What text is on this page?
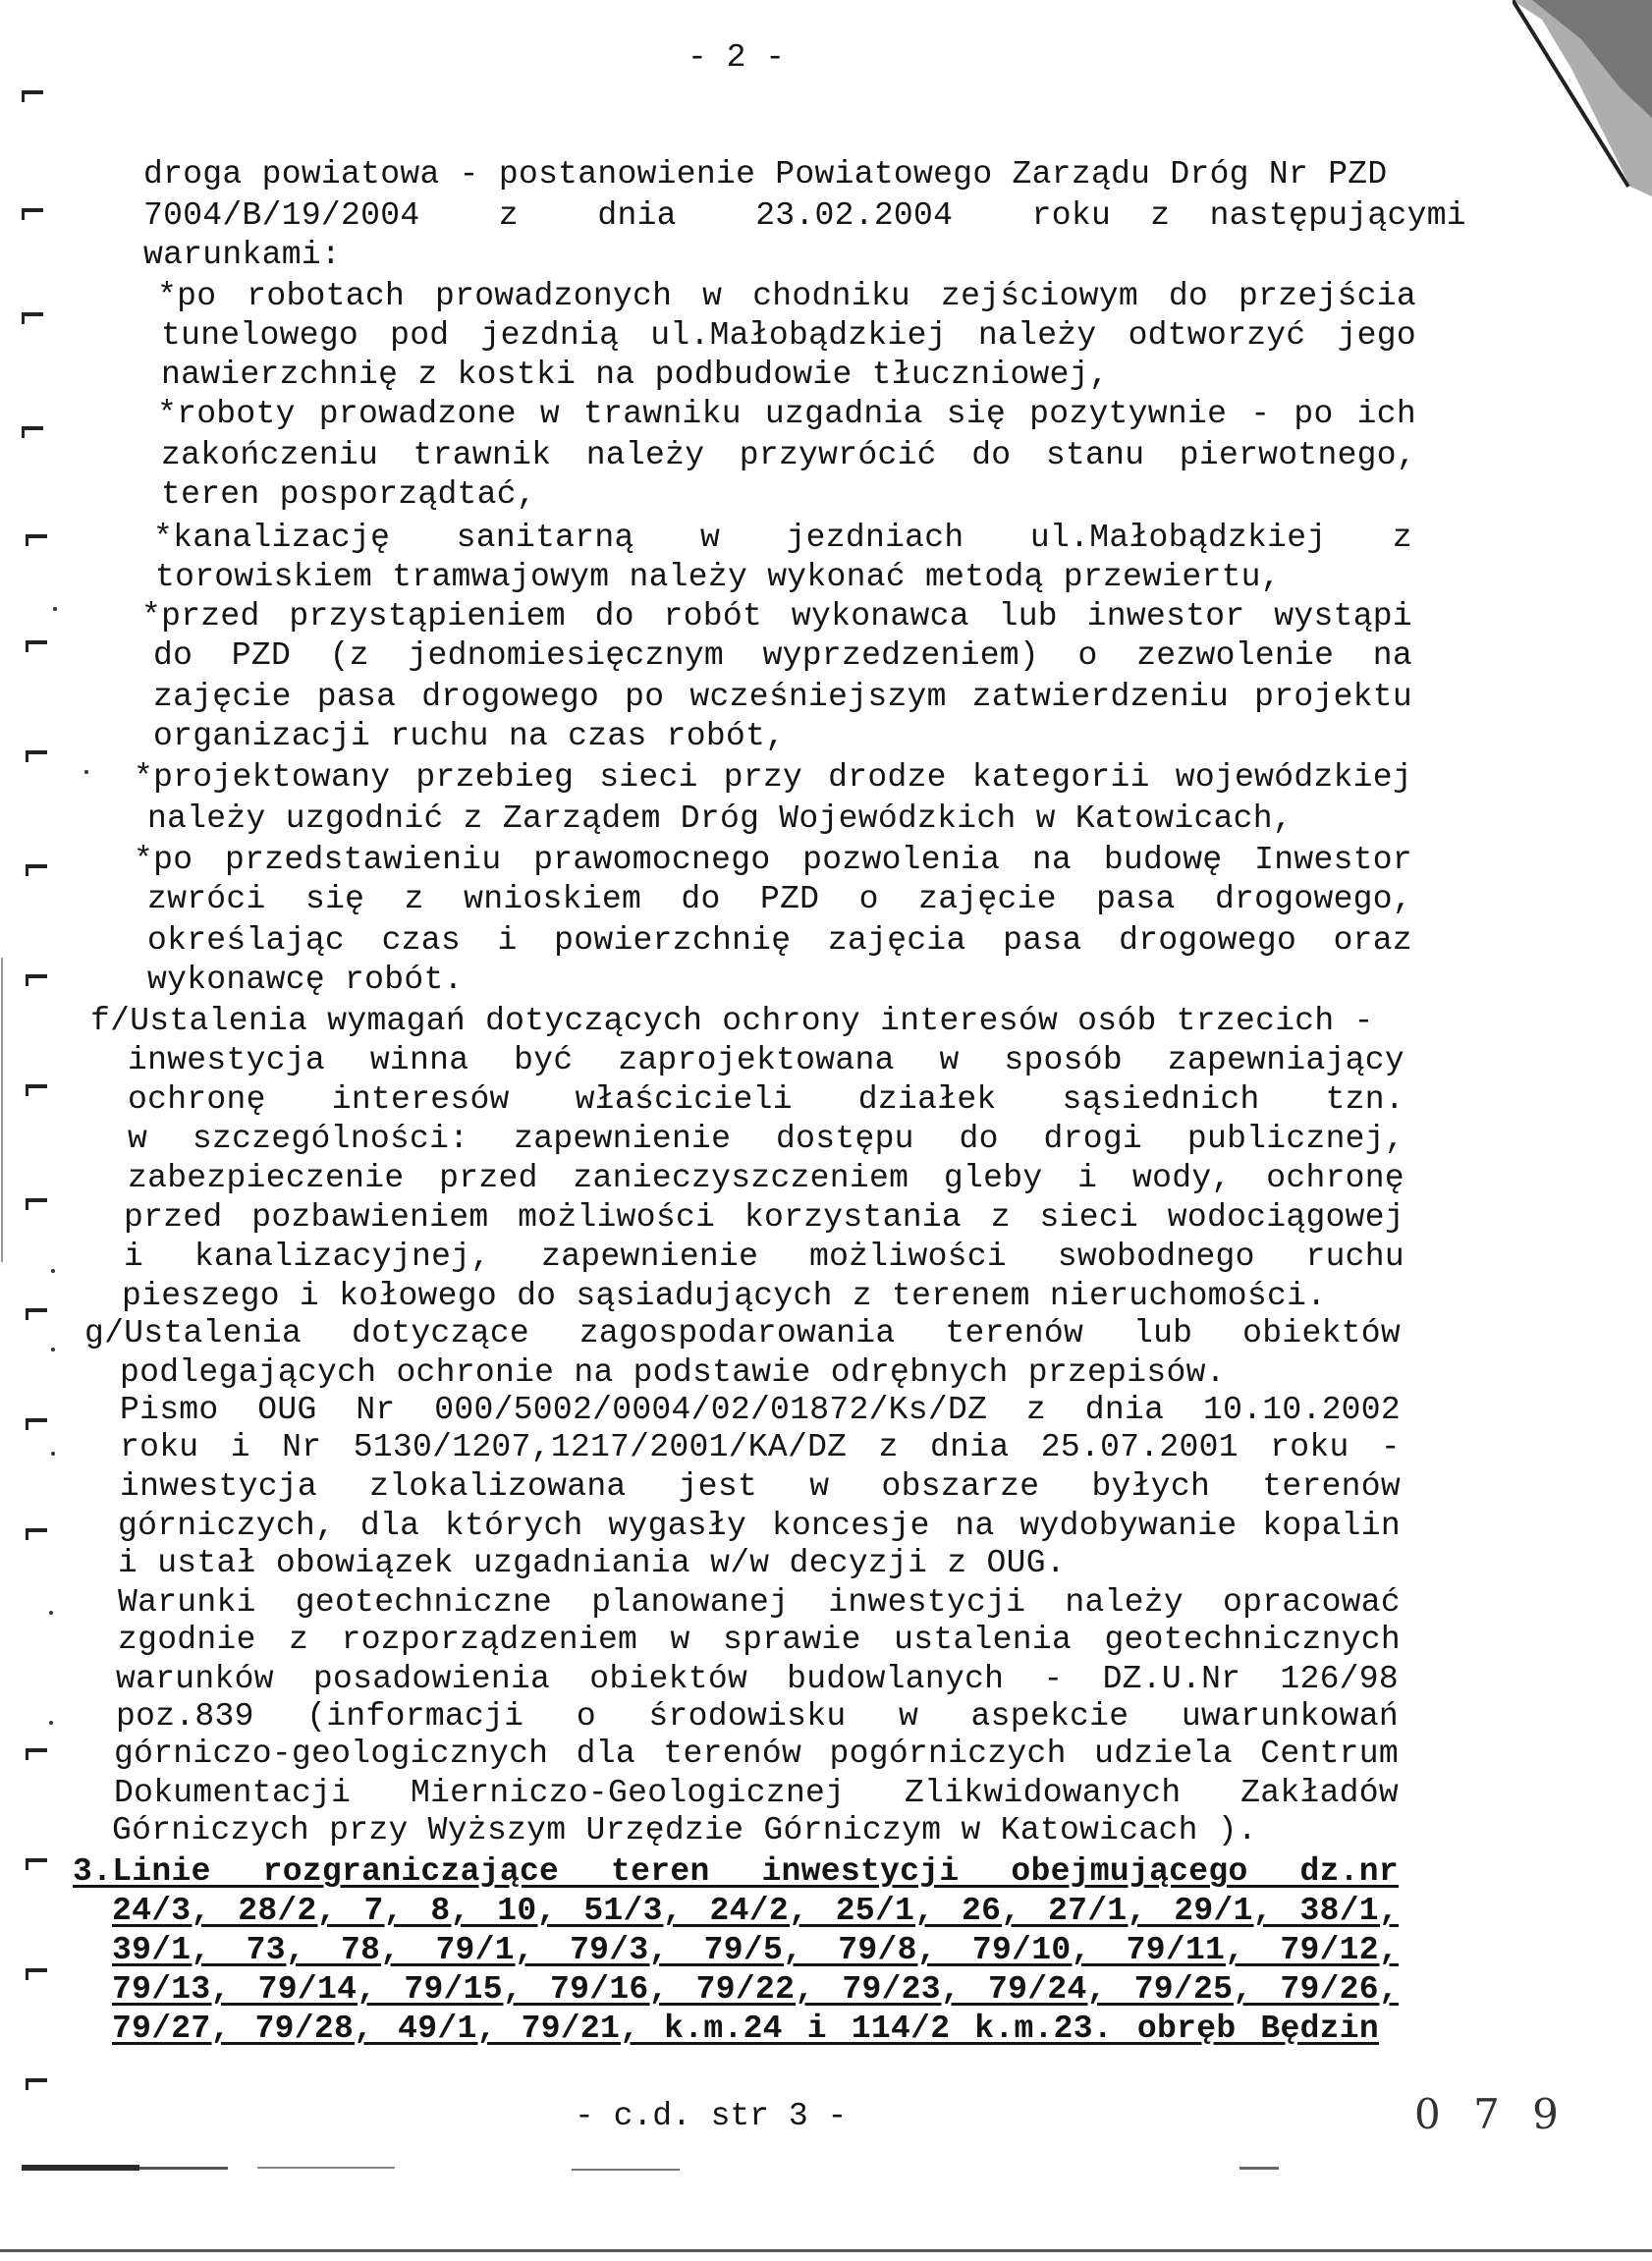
- 2 -
droga powiatowa - postanowienie Powiatowego Zarządu Dróg Nr PZD
7004/B/19/2004    z    dnia    23.02.2004    roku  z  następującymi
warunkami:
*po robotach prowadzonych w chodniku zejściowym do przejścia
tunelowego pod jezdnią ul.Małobądzkiej należy odtworzyć jego
nawierzchnię z kostki na podbudowie tłuczniowej,
*roboty prowadzone w trawniku uzgadnia się pozytywnie - po ich
zakończeniu trawnik należy przywrócić do stanu pierwotnego,
teren posporządtać,
*kanalizację   sanitarną   w   jezdniach   ul.Małobądzkiej   z
torowiskiem tramwajowym należy wykonać metodą przewiertu,
*przed przystąpieniem do robót wykonawca lub inwestor wystąpi
do PZD (z jednomiesięcznym wyprzedzeniem) o zezwolenie na
zajęcie pasa drogowego po wcześniejszym zatwierdzeniu projektu
organizacji ruchu na czas robót,
*projektowany przebieg sieci przy drodze kategorii wojewódzkiej
należy uzgodnić z Zarządem Dróg Wojewódzkich w Katowicach,
*po przedstawieniu prawomocnego pozwolenia na budowę Inwestor
zwróci się z wnioskiem do PZD o zajęcie pasa drogowego,
określając czas i powierzchnię zajęcia pasa drogowego oraz
wykonawcę robót.
f/Ustalenia wymagań dotyczących ochrony interesów osób trzecich -
inwestycja winna być zaprojektowana w sposób zapewniający
ochronę interesów właścicieli działek sąsiednich tzn.
w szczególności: zapewnienie dostępu do drogi publicznej,
zabezpieczenie przed zanieczyszczeniem gleby i wody, ochronę
przed pozbawieniem możliwości korzystania z sieci wodociągowej
i kanalizacyjnej, zapewnienie możliwości swobodnego ruchu
pieszego i kołowego do sąsiadujących z terenem nieruchomości.
g/Ustalenia dotyczące zagospodarowania terenów lub obiektów
podlegających ochronie na podstawie odrębnych przepisów.
Pismo OUG Nr 000/5002/0004/02/01872/Ks/DZ z dnia 10.10.2002
roku i Nr 5130/1207,1217/2001/KA/DZ z dnia 25.07.2001 roku -
inwestycja zlokalizowana jest w obszarze byłych terenów
górniczych, dla których wygasły koncesje na wydobywanie kopalin
i ustał obowiązek uzgadniania w/w decyzji z OUG.
Warunki geotechniczne planowanej inwestycji należy opracować
zgodnie z rozporządzeniem w sprawie ustalenia geotechnicznych
warunków posadowienia obiektów budowlanych - DZ.U.Nr 126/98
poz.839 (informacji o środowisku w aspekcie uwarunkowań
górniczo-geologicznych dla terenów pogórniczych udziela Centrum
Dokumentacji Mierniczo-Geologicznej Zlikwidowanych Zakładów
Górniczych przy Wyższym Urzędzie Górniczym w Katowicach ).
3.Linie rozgraniczające teren inwestycji obejmującego dz.nr
24/3, 28/2, 7, 8, 10, 51/3, 24/2, 25/1, 26, 27/1, 29/1, 38/1,
39/1, 73, 78, 79/1, 79/3, 79/5, 79/8, 79/10, 79/11, 79/12,
79/13, 79/14, 79/15, 79/16, 79/22, 79/23, 79/24, 79/25, 79/26,
79/27, 79/28, 49/1, 79/21, k.m.24 i 114/2 k.m.23. obręb Będzin
- c.d. str 3 -	0 7 9
